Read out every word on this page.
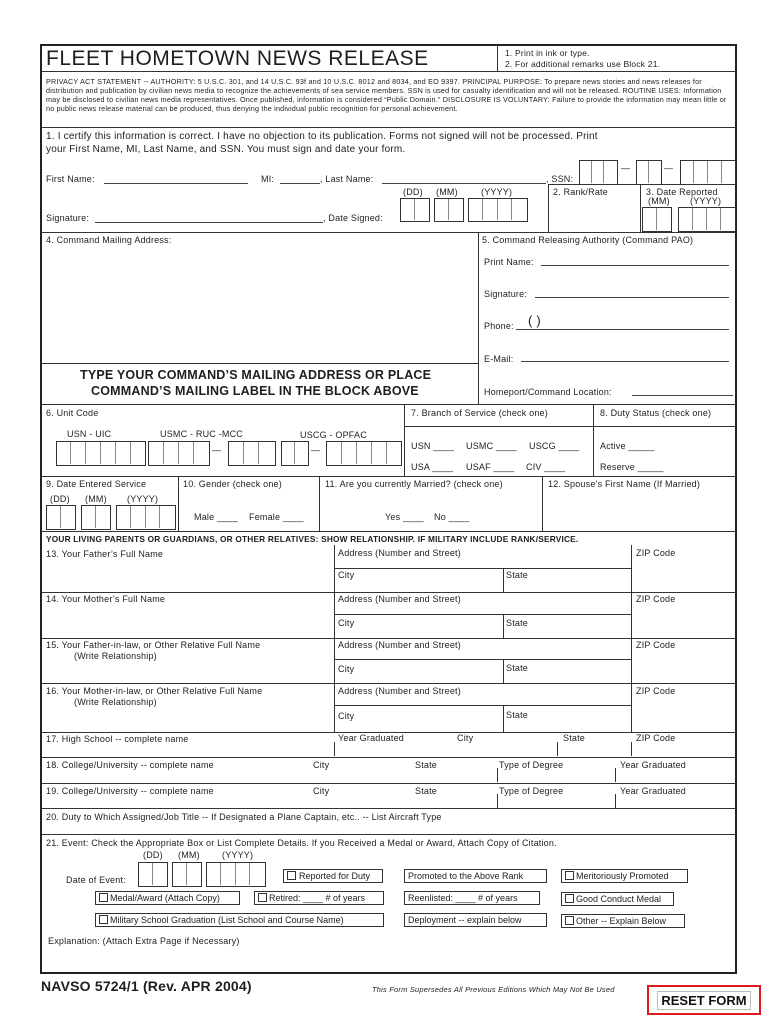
FLEET HOMETOWN NEWS RELEASE	1. Print in ink or type.
2. For additional remarks use Block 21.
PRIVACY ACT STATEMENT -- AUTHORITY: 5 U.S.C. 301, and 14 U.S.C. 93f and 10 U.S.C. 8012 and 8034, and EO 9397. PRINCIPAL PURPOSE: To prepare news stories and news releases for distribution and publication by civilian news media to recognize the achievements of sea service members. SSN is used for casualty identification and will not be released. ROUTINE USES: Information may be disclosed to civilian news media representatives. Once published, information is considered “Public Domain.” DISCLOSURE IS VOLUNTARY: Failure to provide the information may mean little or no public news release material can be produced, thus denying the individual public recognition for personal achievement.
1. I certify this information is correct. I have no objection to its publication. Forms not signed will not be processed. Print
your First Name, MI, Last Name, and SSN. You must sign and date your form.
First Name:	MI:	, Last Name:	, SSN:
—	—
(DD) (MM)	(YYYY)
Signature:	, Date Signed:
2. Rank/Rate	3. Date Reported
(MM) (YYYY)
4. Command Mailing Address:
TYPE YOUR COMMAND’S MAILING ADDRESS OR PLACE
COMMAND’S MAILING LABEL IN THE BLOCK ABOVE
5. Command Releasing Authority (Command PAO)
Print Name:
Signature:
Phone: ( )
E-Mail:
Homeport/Command Location:
6. Unit Code
USN - UIC	USMC - RUC -MCC	USCG - OPFAC
—	—
7. Branch of Service (check one)
USN ____ USMC ____ USCG ____
USA ____ USAF ____ CIV ____
8. Duty Status (check one)
Active _____
Reserve _____
9. Date Entered Service
(DD) (MM) (YYYY)
10. Gender (check one)
Male ____ Female ____
11. Are you currently Married? (check one)
Yes ____ No ____
12. Spouse’s First Name (If Married)
YOUR LIVING PARENTS OR GUARDIANS, OR OTHER RELATIVES: SHOW RELATIONSHIP. IF MILITARY INCLUDE RANK/SERVICE.
13. Your Father’s Full Name	Address (Number and Street)	ZIP Code
City	State
14. Your Mother’s Full Name	Address (Number and Street)	ZIP Code
City	State
15. Your Father-in-law, or Other Relative Full Name
(Write Relationship)
Address (Number and Street)	ZIP Code
City	State
16. Your Mother-in-law, or Other Relative Full Name
(Write Relationship)
Address (Number and Street)	ZIP Code
City	State
17. High School -- complete name	Year Graduated	City	State	ZIP Code
18. College/University -- complete name	City	State	Type of Degree	Year Graduated
19. College/University -- complete name	City	State	Type of Degree	Year Graduated
20. Duty to Which Assigned/Job Title -- If Designated a Plane Captain, etc.. -- List Aircraft Type
21. Event: Check the Appropriate Box or List Complete Details. If you Received a Medal or Award, Attach Copy of Citation.
(DD) (MM) (YYYY)
Date of Event:	Reported for Duty	Promoted to the Above Rank	Meritoriously Promoted
Medal/Award (Attach Copy)	Retired: ____ # of years	Reenlisted: ____ # of years	Good Conduct Medal
Military School Graduation (List School and Course Name)	Deployment -- explain below	Other -- Explain Below
Explanation: (Attach Extra Page if Necessary)
NAVSO 5724/1 (Rev. APR 2004)	This Form Supersedes All Previous Editions Which May Not Be Used
RESET FORM
